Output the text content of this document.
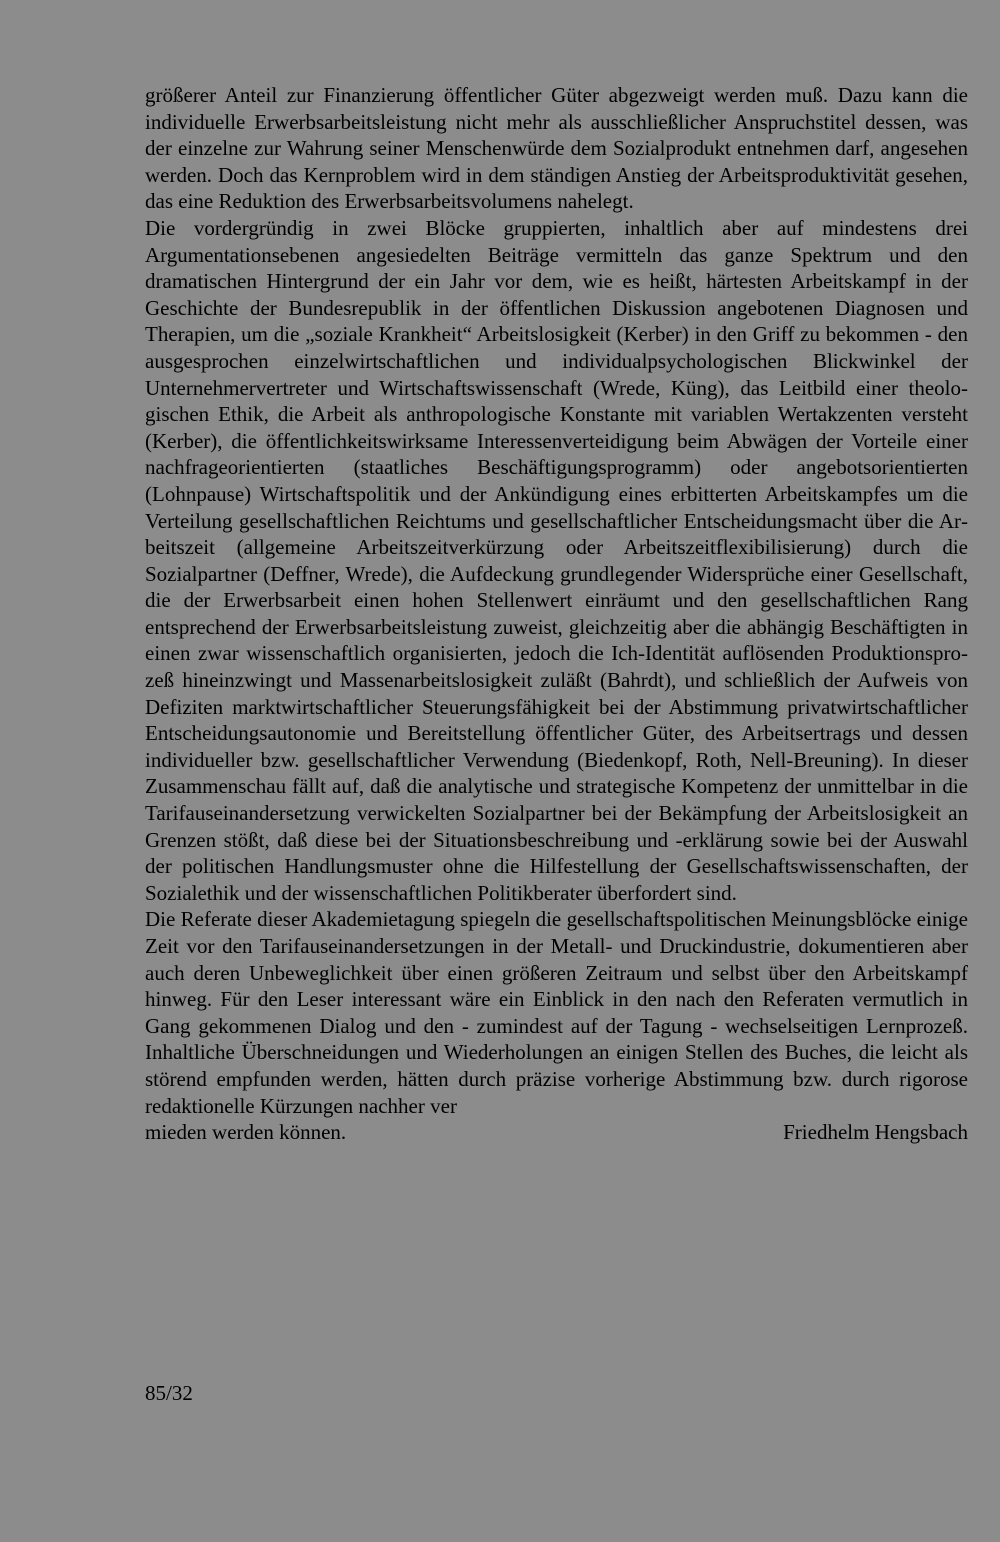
größerer Anteil zur Finanzierung öffentlicher Güter abgezweigt werden muß. Dazu kann die individuelle Erwerbsarbeitsleistung nicht mehr als ausschließlicher Anspruchstitel dessen, was der einzelne zur Wahrung seiner Menschenwürde dem Sozialprodukt entnehmen darf, angesehen werden. Doch das Kernproblem wird in dem ständigen Anstieg der Arbeitsproduktivität gesehen, das eine Reduktion des Erwerbsarbeitsvolumens nahelegt.

Die vordergründig in zwei Blöcke gruppierten, inhaltlich aber auf mindestens drei Argumentationsebenen angesiedelten Beiträge vermitteln das ganze Spektrum und den dramatischen Hintergrund der ein Jahr vor dem, wie es heißt, härtesten Arbeitskampf in der Geschichte der Bundesrepublik in der öffentlichen Diskussion angebotenen Diagnosen und Therapien, um die „soziale Krankheit“ Arbeitslosigkeit (Kerber) in den Griff zu bekommen - den ausgesprochen einzelwirtschaftlichen und individualpsychologischen Blickwinkel der Unternehmervertreter und Wirtschaftswissenschaft (Wrede, Küng), das Leitbild einer theologischen Ethik, die Arbeit als anthropologische Konstante mit variablen Wertakzenten versteht (Kerber), die öffentlichkeitswirksame Interessenverteidigung beim Abwägen der Vorteile einer nachfrageorientierten (staatliches Beschäftigungsprogramm) oder angebotsorientierten (Lohnpause) Wirtschaftspolitik und der Ankündigung eines erbitterten Arbeitskampfes um die Verteilung gesellschaftlichen Reichtums und gesellschaftlicher Entscheidungsmacht über die Arbeitszeit (allgemeine Arbeitszeitverkürzung oder Arbeitszeitflexibilisierung) durch die Sozialpartner (Deffner, Wrede), die Aufdeckung grundlegender Widersprüche einer Gesellschaft, die der Erwerbsarbeit einen hohen Stellenwert einräumt und den gesellschaftlichen Rang entsprechend der Erwerbsarbeitsleistung zuweist, gleichzeitig aber die abhängig Beschäftigten in einen zwar wissenschaftlich organisierten, jedoch die Ich-Identität auflösenden Produktionsprozeß hineinzwingt und Massenarbeitslosigkeit zuläßt (Bahrdt), und schließlich der Aufweis von Defiziten marktwirtschaftlicher Steuerungsfähigkeit bei der Abstimmung privatwirtschaftlicher Entscheidungsautonomie und Bereitstellung öffentlicher Güter, des Arbeitsertrags und dessen individueller bzw. gesellschaftlicher Verwendung (Biedenkopf, Roth, Nell-Breuning). In dieser Zusammenschau fällt auf, daß die analytische und strategische Kompetenz der unmittelbar in die Tarifauseinandersetzung verwickelten Sozialpartner bei der Bekämpfung der Arbeitslosigkeit an Grenzen stößt, daß diese bei der Situationsbeschreibung und -erklärung sowie bei der Auswahl der politischen Handlungsmuster ohne die Hilfestellung der Gesellschaftswissenschaften, der Sozialethik und der wissenschaftlichen Politikberater überfordert sind.

Die Referate dieser Akademietagung spiegeln die gesellschaftspolitischen Meinungsblöcke einige Zeit vor den Tarifauseinandersetzungen in der Metall- und Druckindustrie, dokumentieren aber auch deren Unbeweglichkeit über einen größeren Zeitraum und selbst über den Arbeitskampf hinweg. Für den Leser interessant wäre ein Einblick in den nach den Referaten vermutlich in Gang gekommenen Dialog und den - zumindest auf der Tagung - wechselseitigen Lernprozeß. Inhaltliche Überschneidungen und Wiederholungen an einigen Stellen des Buches, die leicht als störend empfunden werden, hätten durch präzise vorherige Abstimmung bzw. durch rigorose redaktionelle Kürzungen nachher ver

mieden werden können.	Friedhelm Hengsbach
85/32
